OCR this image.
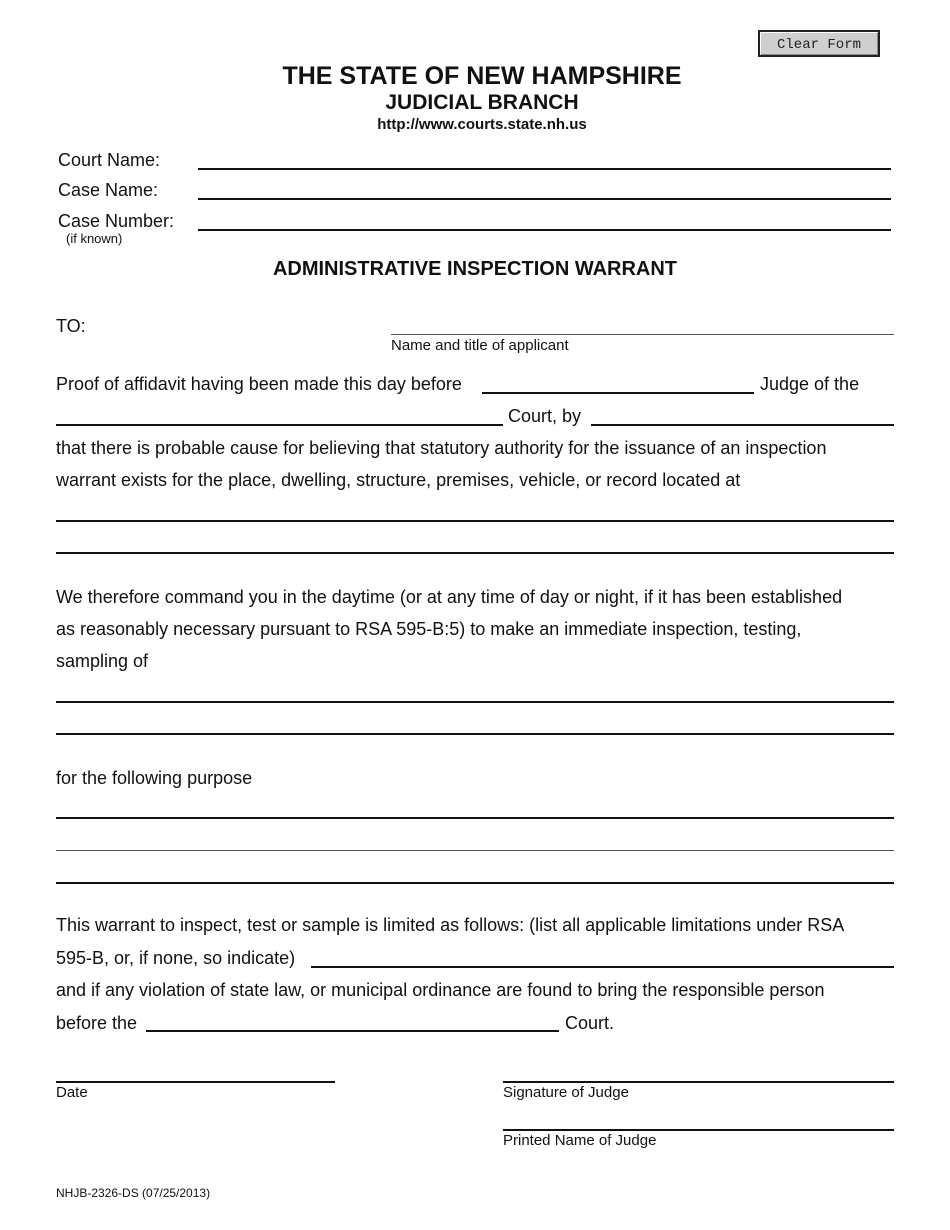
Clear Form
THE STATE OF NEW HAMPSHIRE
JUDICIAL BRANCH
http://www.courts.state.nh.us
Court Name:
Case Name:
Case Number:
(if known)
ADMINISTRATIVE INSPECTION WARRANT
TO:
Name and title of applicant
Proof of affidavit having been made this day before	Judge of the
Court, by
that there is probable cause for believing that statutory authority for the issuance of an inspection
warrant exists for the place, dwelling, structure, premises, vehicle, or record located at
We therefore command you in the daytime (or at any time of day or night, if it has been established
as reasonably necessary pursuant to RSA 595-B:5) to make an immediate inspection, testing,
sampling of
for the following purpose
This warrant to inspect, test or sample is limited as follows: (list all applicable limitations under RSA
595-B, or, if none, so indicate)
and if any violation of state law, or municipal ordinance are found to bring the responsible person
before the	Court.
Date	Signature of Judge
Printed Name of Judge
NHJB-2326-DS (07/25/2013)
